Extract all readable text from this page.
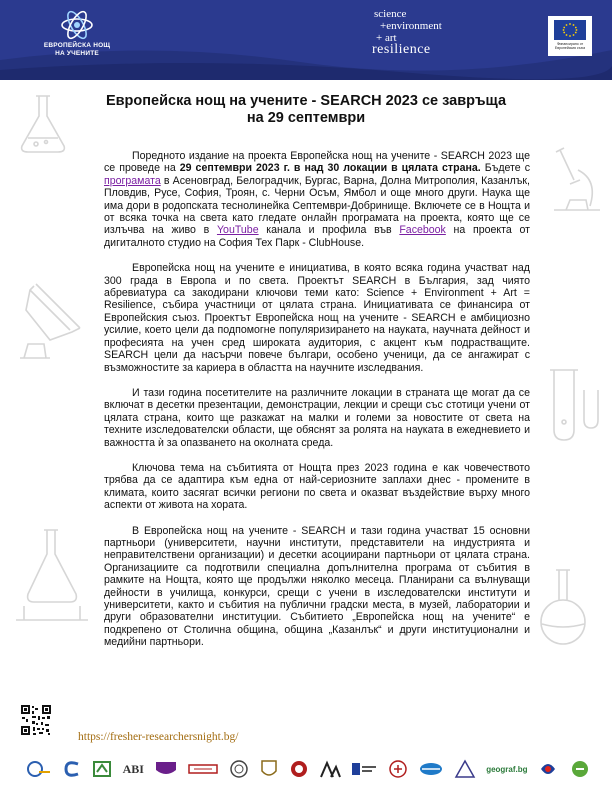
ЕВРОПЕЙСКА НОЩ
НА УЧЕНИТЕ
science
+environment
+ art
resilience	Финансирано от Европейския съюз
Европейска нощ на учените - SEARCH 2023 се завръща
на 29 септември

Поредното издание на проекта Европейска нощ на учените - SEARCH 2023 ще се проведе на 29 септември 2023 г. в над 30 локации в цялата страна. Бъдете с програмата в Асеновград, Белоградчик, Бургас, Варна, Долна Митрополия, Казанлък, Пловдив, Русе, София, Троян, с. Черни Осъм, Ямбол и още много други. Наука ще има дори в родопската теснолинейка Септември-Добринище. Включете се в Нощта и от всяка точка на света като гледате онлайн програмата на проекта, която ще се излъчва на живо в YouTube канала и профила във Facebook на проекта от дигиталното студио на София Тех Парк - ClubHouse.

Европейска нощ на учените е инициатива, в която всяка година участват над 300 града в Европа и по света. Проектът SEARCH в България, зад чиято абревиатура са закодирани ключови теми като: Science + Environment + Art = Resilience, събира участници от цялата страна. Инициативата се финансира от Европейския съюз. Проектът Европейска нощ на учените - SEARCH е амбициозно усилие, което цели да подпомогне популяризирането на науката, научната дейност и професията на учен сред широката аудитория, с акцент към подрастващите. SEARCH цели да насърчи повече българи, особено ученици, да се ангажират с възможностите за кариера в областта на научните изследвания.

И тази година посетителите на различните локации в страната ще могат да се включат в десетки презентации, демонстрации, лекции и срещи със стотици учени от цялата страна, които ще разкажат на малки и големи за новостите от света на техните изследователски области, ще обяснят за ролята на науката в ежедневието и важността ѝ за опазването на околната среда.

Ключова тема на събитията от Нощта през 2023 година е как човечеството трябва да се адаптира към една от най-сериозните заплахи днес - промените в климата, които засягат всички региони по света и оказват въздействие върху много аспекти от живота на хората.

В Европейска нощ на учените - SEARCH и тази година участват 15 основни партньори (университети, научни институти, представители на индустрията и неправителствени организации) и десетки асоциирани партньори от цялата страна. Организациите са подготвили специална допълнителна програма от събития в рамките на Нощта, която ще продължи няколко месеца. Планирани са вълнуващи дейности в училища, конкурси, срещи с учени в изследователски институти и университети, както и събития на публични градски места, в музей, лаборатории и други образователни институции. Събитието „Европейска нощ на учените“ е подкрепено от Столична община, община „Казанлък“ и други институционални и медийни партньори.

https://fresher-researchersnight.bg/
ABI	geograf.bg
